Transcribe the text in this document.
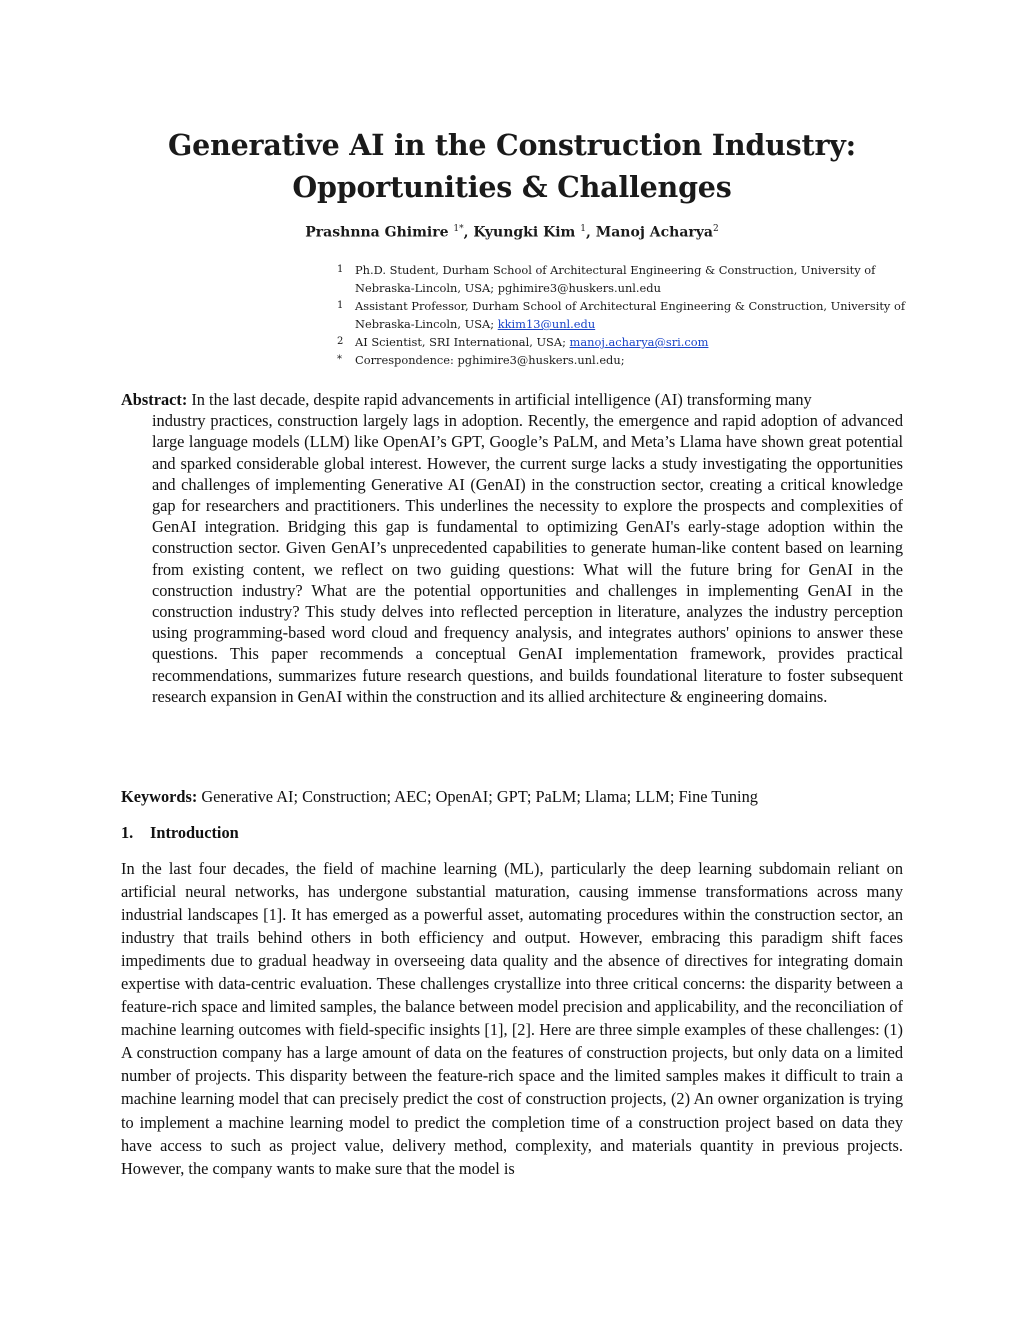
Generative AI in the Construction Industry:
Opportunities & Challenges
Prashnna Ghimire $^{1*}$, Kyungki Kim $^1$, Manoj Acharya$^2$
1	Ph.D. Student, Durham School of Architectural Engineering & Construction, University of Nebraska-Lincoln, USA; pghimire3@huskers.unl.edu
1	Assistant Professor, Durham School of Architectural Engineering & Construction, University of Nebraska-Lincoln, USA; kkim13@unl.edu
2	AI Scientist, SRI International, USA; manoj.acharya@sri.com
*	Correspondence: pghimire3@huskers.unl.edu;
Abstract: In the last decade, despite rapid advancements in artificial intelligence (AI) transforming many
industry practices, construction largely lags in adoption. Recently, the emergence and rapid adoption of advanced large language models (LLM) like OpenAI’s GPT, Google’s PaLM, and Meta’s Llama have shown great potential and sparked considerable global interest. However, the current surge lacks a study investigating the opportunities and challenges of implementing Generative AI (GenAI) in the construction sector, creating a critical knowledge gap for researchers and practitioners. This underlines the necessity to explore the prospects and complexities of GenAI integration. Bridging this gap is fundamental to optimizing GenAI's early-stage adoption within the construction sector. Given GenAI’s unprecedented capabilities to generate human-like content based on learning from existing content, we reflect on two guiding questions: What will the future bring for GenAI in the construction industry? What are the potential opportunities and challenges in implementing GenAI in the construction industry? This study delves into reflected perception in literature, analyzes the industry perception using programming-based word cloud and frequency analysis, and integrates authors' opinions to answer these questions. This paper recommends a conceptual GenAI implementation framework, provides practical recommendations, summarizes future research questions, and builds foundational literature to foster subsequent research expansion in GenAI within the construction and its allied architecture & engineering domains.
Keywords: Generative AI; Construction; AEC; OpenAI; GPT; PaLM; Llama; LLM; Fine Tuning
1. Introduction
In the last four decades, the field of machine learning (ML), particularly the deep learning subdomain reliant on artificial neural networks, has undergone substantial maturation, causing immense transformations across many industrial landscapes [1]. It has emerged as a powerful asset, automating procedures within the construction sector, an industry that trails behind others in both efficiency and output. However, embracing this paradigm shift faces impediments due to gradual headway in overseeing data quality and the absence of directives for integrating domain expertise with data-centric evaluation. These challenges crystallize into three critical concerns: the disparity between a feature-rich space and limited samples, the balance between model precision and applicability, and the reconciliation of machine learning outcomes with field-specific insights [1], [2]. Here are three simple examples of these challenges: (1) A construction company has a large amount of data on the features of construction projects, but only data on a limited number of projects. This disparity between the feature-rich space and the limited samples makes it difficult to train a machine learning model that can precisely predict the cost of construction projects, (2) An owner organization is trying to implement a machine learning model to predict the completion time of a construction project based on data they have access to such as project value, delivery method, complexity, and materials quantity in previous projects. However, the company wants to make sure that the model is
